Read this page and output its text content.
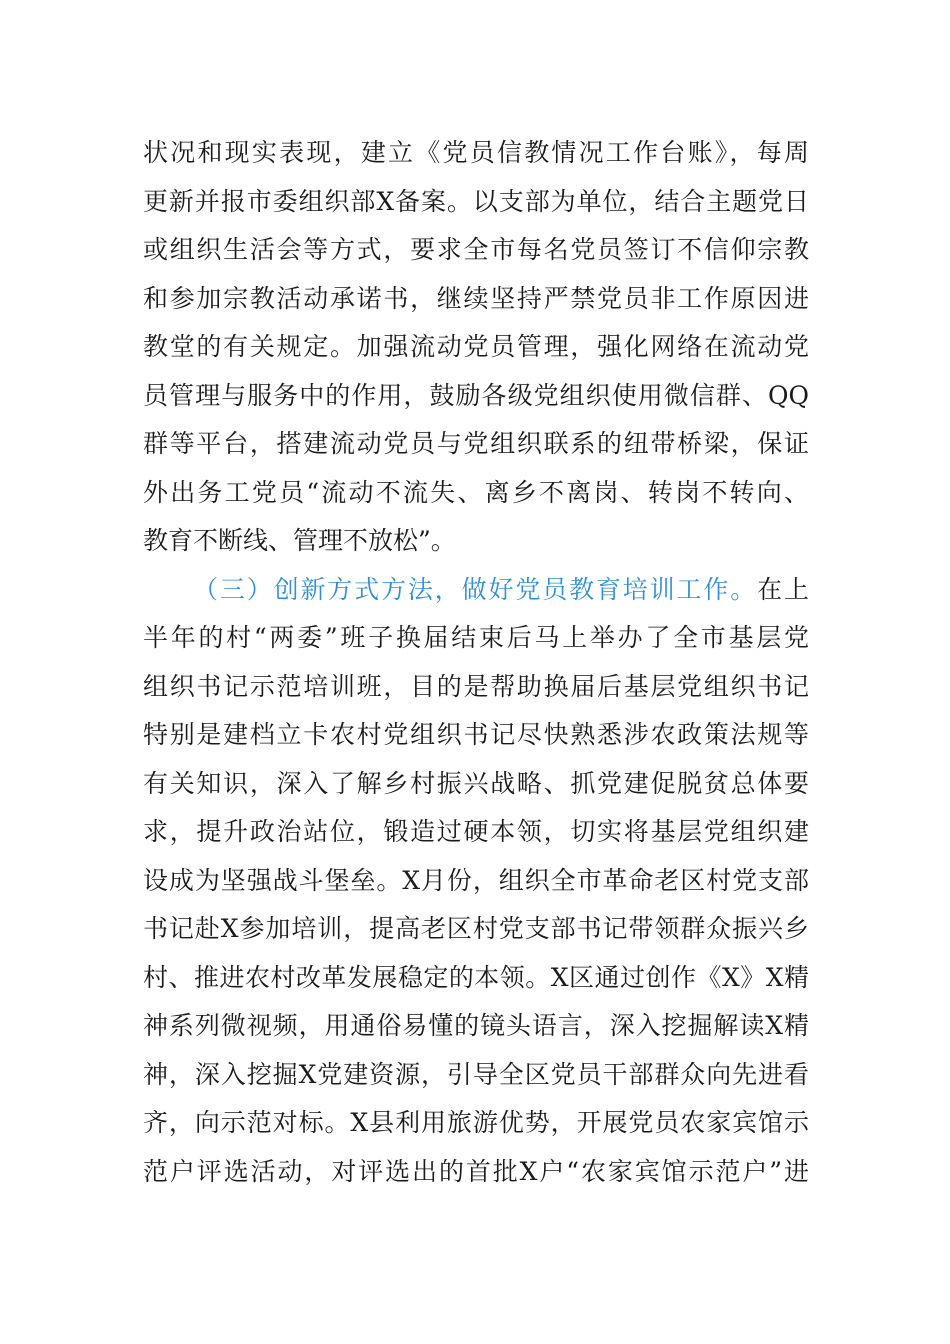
状况和现实表现，建立《党员信教情况工作台账》，每周
更新并报市委组织部X备案。以支部为单位，结合主题党日
或组织生活会等方式，要求全市每名党员签订不信仰宗教
和参加宗教活动承诺书，继续坚持严禁党员非工作原因进
教堂的有关规定。加强流动党员管理，强化网络在流动党
员管理与服务中的作用，鼓励各级党组织使用微信群、QQ
群等平台，搭建流动党员与党组织联系的纽带桥梁，保证
外出务工党员“流动不流失、离乡不离岗、转岗不转向、
教育不断线、管理不放松”。
（三）创新方式方法，做好党员教育培训工作。在上
半年的村“两委”班子换届结束后马上举办了全市基层党
组织书记示范培训班，目的是帮助换届后基层党组织书记
特别是建档立卡农村党组织书记尽快熟悉涉农政策法规等
有关知识，深入了解乡村振兴战略、抓党建促脱贫总体要
求，提升政治站位，锻造过硬本领，切实将基层党组织建
设成为坚强战斗堡垒。X月份，组织全市革命老区村党支部
书记赴X参加培训，提高老区村党支部书记带领群众振兴乡
村、推进农村改革发展稳定的本领。X区通过创作《X》X精
神系列微视频，用通俗易懂的镜头语言，深入挖掘解读X精
神，深入挖掘X党建资源，引导全区党员干部群众向先进看
齐，向示范对标。X县利用旅游优势，开展党员农家宾馆示
范户评选活动，对评选出的首批X户“农家宾馆示范户”进
